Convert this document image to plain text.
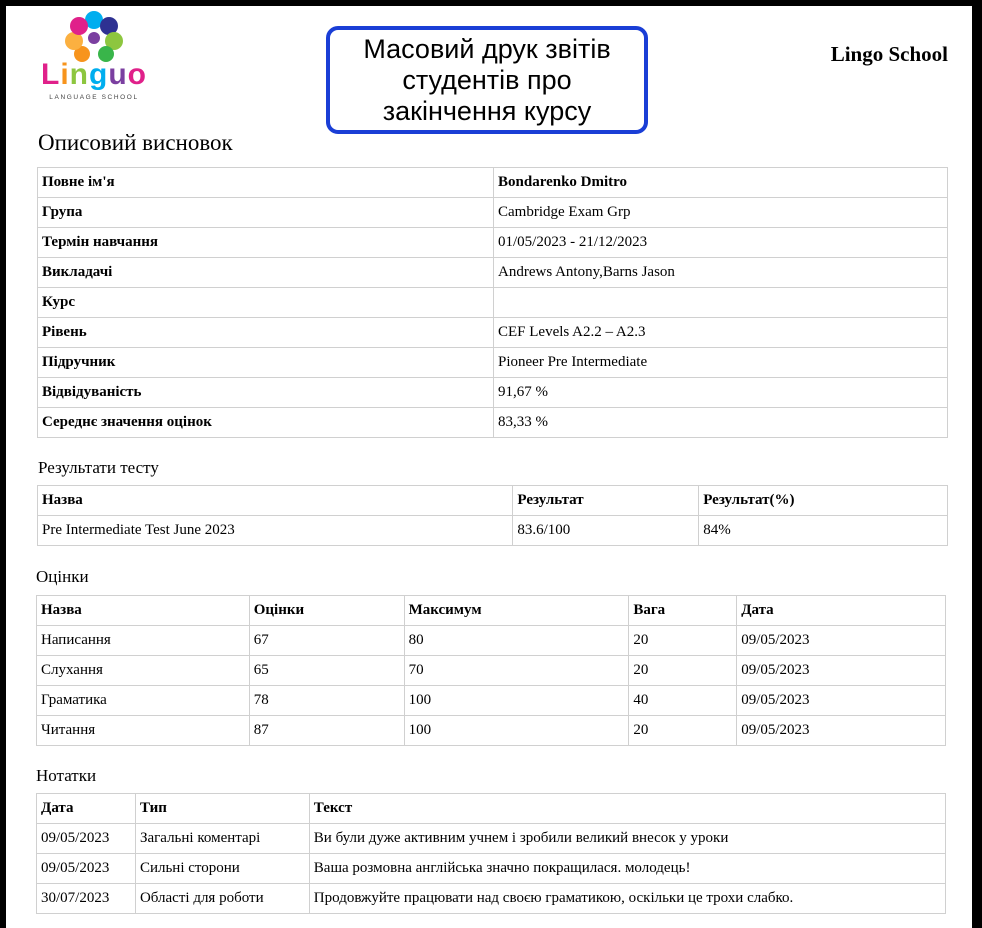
Linguo
LANGUAGE SCHOOL
Масовий друк звітів
студентів про
закінчення курсу
Lingo School
Описовий висновок
Повне ім'я	Bondarenko Dmitro
Група	Cambridge Exam Grp
Термін навчання	01/05/2023 - 21/12/2023
Викладачі	Andrews Antony,Barns Jason
Курс	
Рівень	CEF Levels A2.2 – A2.3
Підручник	Pioneer Pre Intermediate
Відвідуваність	91,67 %
Середнє значення оцінок	83,33 %
Результати тесту
Назва	Результат	Результат(%)
Pre Intermediate Test June 2023	83.6/100	84%
Оцінки
Назва	Оцінки	Максимум	Вага	Дата
Написання	67	80	20	09/05/2023
Слухання	65	70	20	09/05/2023
Граматика	78	100	40	09/05/2023
Читання	87	100	20	09/05/2023
Нотатки
Дата	Тип	Текст
09/05/2023	Загальні коментарі	Ви були дуже активним учнем і зробили великий внесок у уроки
09/05/2023	Сильні сторони	Ваша розмовна англійська значно покращилася. молодець!
30/07/2023	Області для роботи	Продовжуйте працювати над своєю граматикою, оскільки це трохи слабко.
